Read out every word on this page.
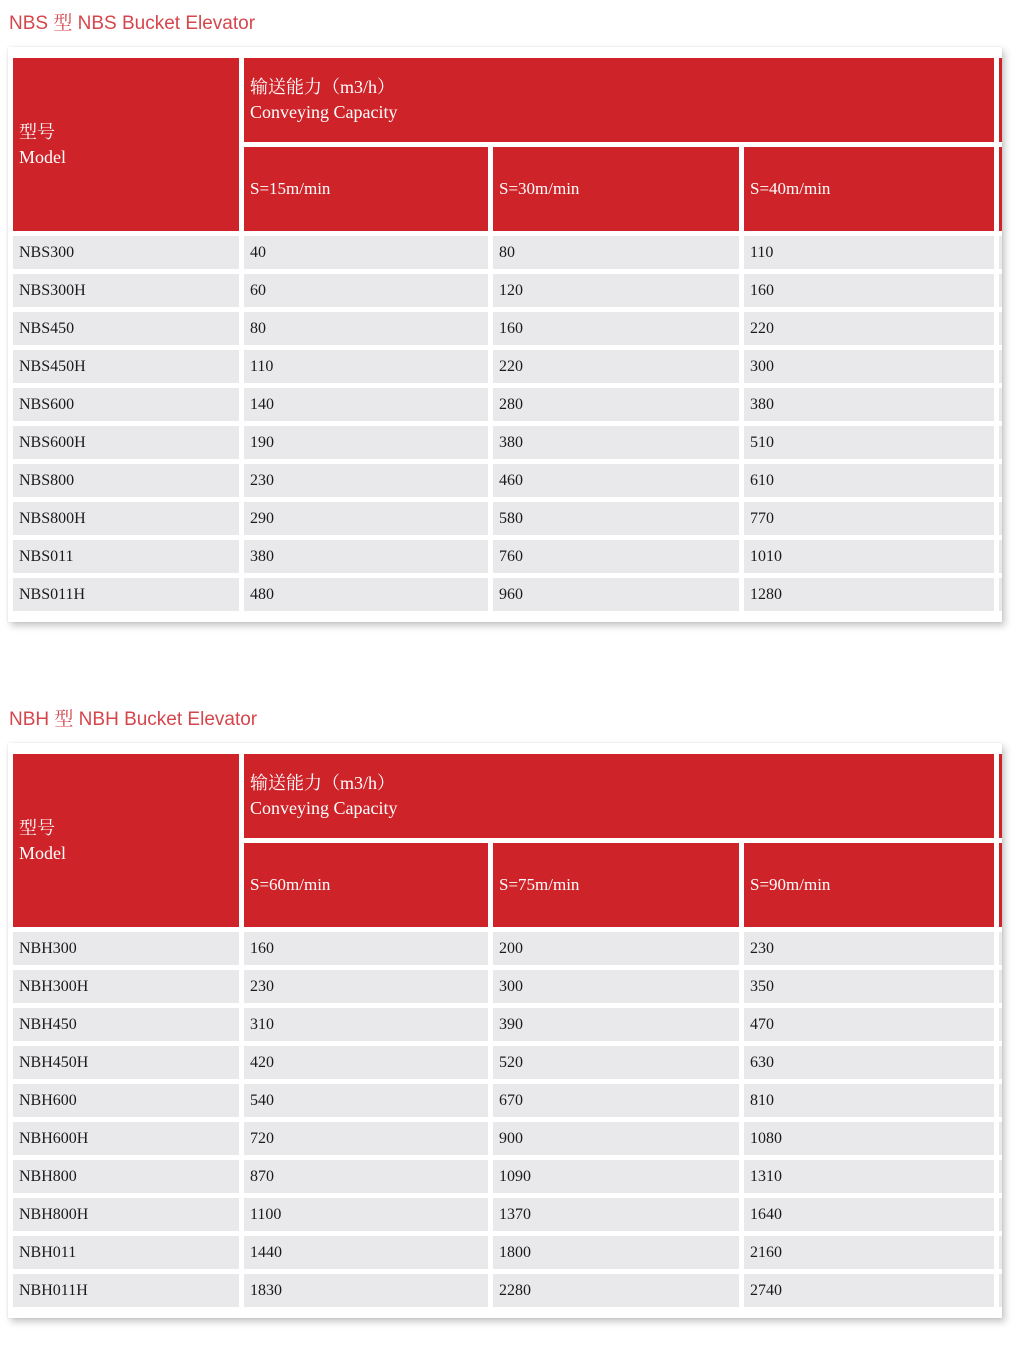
NBS 型 NBS Bucket Elevator
型号
Model

输送能力（m3/h）
Conveying Capacity

	S=15m/min	S=30m/min	S=40m/min	
NBS300	40	80	110	
NBS300H	60	120	160	
NBS450	80	160	220	
NBS450H	110	220	300	
NBS600	140	280	380	
NBS600H	190	380	510	
NBS800	230	460	610	
NBS800H	290	580	770	
NBS011	380	760	1010	
NBS011H	480	960	1280	
NBH 型 NBH Bucket Elevator
型号
Model

输送能力（m3/h）
Conveying Capacity

	S=60m/min	S=75m/min	S=90m/min	
NBH300	160	200	230	
NBH300H	230	300	350	
NBH450	310	390	470	
NBH450H	420	520	630	
NBH600	540	670	810	
NBH600H	720	900	1080	
NBH800	870	1090	1310	
NBH800H	1100	1370	1640	
NBH011	1440	1800	2160	
NBH011H	1830	2280	2740	
